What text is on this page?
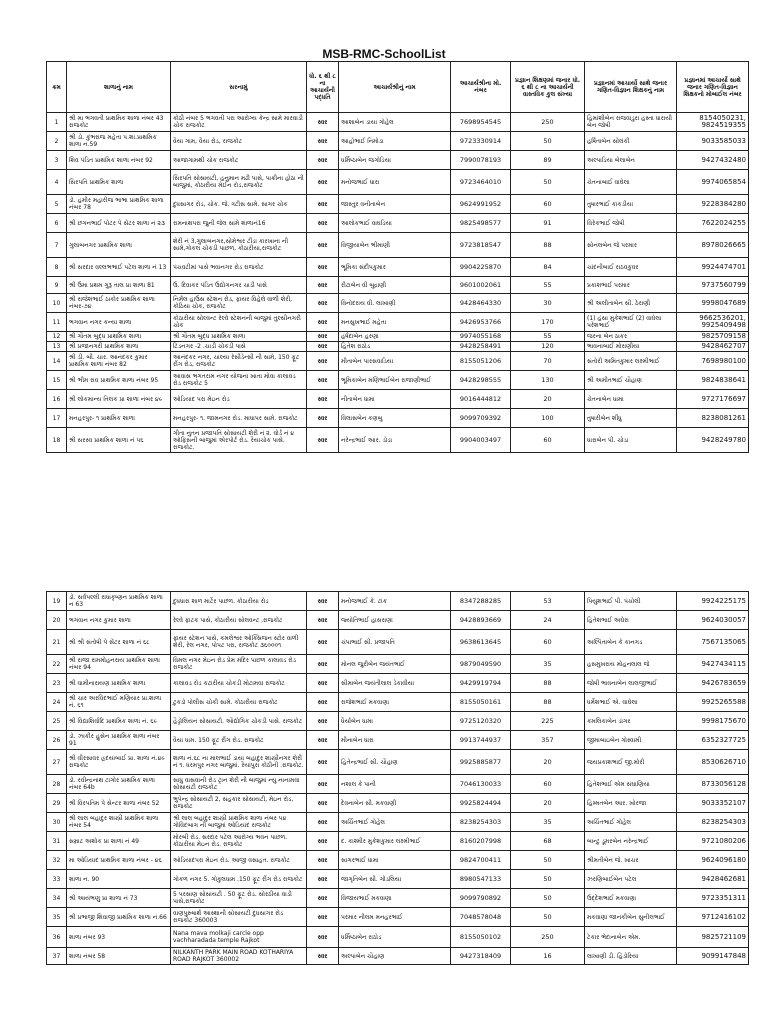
MSB-RMC-SchoolList
ક્રમ	શાળાનું નામ	સરનામું	ધો. ૬ થી ૮ ના આચાર્યની પદ્ધતિ	આચાર્યશ્રીનું નામ	આચાર્યશ્રીના મો. નંબર	પ્રજ્ઞાન શિક્ષણમાં જનાર ધો. ૬ થી ૮ ના આચાર્યની વાસ્તવિક કુલ સંખ્યા	પ્રજ્ઞાનમાં આચાર્યો સાથે જનાર ગણિત-વિજ્ઞાન શિક્ષકનું નામ	પ્રજ્ઞાનમાં આચાર્યો સાથે જનાર ગણિત-વિજ્ઞાન શિક્ષકનો મોબાઈલ નંબર
1	શ્રી મા ભગવતી પ્રાથમિક શાળા નંબર 43 રાજકોટ	કોઠી નંબર 5 ભગવતી પરા આરોગ્ય કેન્દ્ર સામે મારવાડી ચોક રાજકોટ	સ્વર	આશાબેન ડાયા ગોહેલ	7698954545	250	હિમાંશીબેન રાજવાડુરા હસ્તા ધારાયી બેન જોષી	8154050231, 9824519355
2	શ્રી ડો. કુંભરાજ મહેતા પ.શા.પ્રાથમિક શાળા ન.59	વૈયા ગામ, વૈયા રોડ, રાજકોટ	સ્વર	આહોભાઈ નિમોડા	9723330914	50	હર્ષિતાબેન સોલંકી	9033585033
3	શિવ પંડિત પ્રાથમિક શાળા નંબર 92	આજાગામથી ચોક રાજકોટ	સ્વર	ધર્મિષ્ઠાબેન જગોડિયા	7990078193	89	અલ્પાડિયા બેલાબેન	9427432480
4	સિરપતિ પ્રાથમિક શાળા	સિરપતિ સોસાયટી, હનુમાન મઢી પાસે, પાક્રીના હોઠા ની બાજુમાં, કોઠારીયા મેઈન રોડ,રાજકોટ	સ્વર	મનોજભાઈ ધારા	9723464010	50	ચેતનાબાઈ વાઘેલા	9974065854
5	ડો. હમીર મહારીજ ભાભા પ્રાથમિક શાળા નંબર 78	દુધસાગર રોડ, ચોક. જે. ત્રટીસ સામે. સાગર ચોક	સ્વર	જાસ્તુર વનીતાબેન	9624991952	60	તુષારભાઈ કાકડીયા	9228384280
6	શ્રી છગનભાઈ પોટર પે સેંટર શાળા નં ૨૩	રામનાથપરા જુની જેલ સામે શાળાનં16	સ્વર	આલોકભાઈ વાઘડિયા	9825498577	91	વિરેકભાઈ જોષી	7622024255
7	ગુલાબનગર પ્રાથમિક શાળા	શેરી નં 3,ગુલાબનગર,સોમેશ્વર ટીંડા કારખાના ની સામે,ગોકલ ચોકડી પાછળ, કોઠારીયા,રાજકોટ	સ્વર	વિજીયાબેન ભીમાણી	9723818547	88	સોનલબેન જે પરમાર	8978026665
8	શ્રી સરદાર વલ્લભભાઈ પટેલ શાળા નં 13	પંચવટીમાં પાસે ભવાનગર રોડ રાજકોટ	સ્વર	ભૂમિકા સંદીપકુમાર	9904225870	84	ચાંદનીબાઈ રાઠવકુવર	9924474701
9	શ્રી ઉમા પ્રથમ ગુરૂ તાલ પ્રા શાળા 81	ઉ. દિવાકર પંડિત ઉદ્યોગનગર ચાડી પાસે	સ્વર	રીટાબેન વી બુદ્રાણી	9601002061	55	પ્રકાશભાઈ પરમાર	9737560799
10	શ્રી રાજેશભાઈ ઠાકોર પ્રાથમિક શાળા નંબર-૭૪	નિર્મલ હાઉસ સ્ટેશન રોડ, ફાયર વિહેલે વાળી શેરી, કોઠિયા ચોક, રાજકોટ	સ્વર	વિનોદરાય વી. લાખાણી	9428464330	30	શ્રી અલીતાબેન સી. ઠેરાણી	9998047689
11	ભગવાન નગર કન્યા શાળા	કોઠારીયા સોલ્વન્ટ રેલ્વે સ્ટેશનની બાજુમાં તુલ્સીનગરી ચોક	સ્વર	મનસુખભાઈ મહેતા	9426953766	170	(1) હંસા મુકેશભાઈ (2) વાઘેલા પરેશભાઈ	9662536201, 9925409498
12	શ્રી ગૌતમ બુદ્ધ પ્રાથમિક શાળા	શ્રી ગૌતમ બુદ્ધ પ્રાથમિક શાળા	સ્વર	હર્ષદાબેન હરણા	9974055168	55	જરના બેન ઠાકર	9825709158
13	શ્રી પ્રજાનગરી પ્રાથમિક શાળા	ટિંડનગર -2 .ચાડી ચોકડી પાસે	સ્વર	હિતેશ રાઠોડ	9428258491	120	ભાવનાબાઈ મોરાણીયા	9428462707
14	શ્રી ડી. બી. ચાર. આનંદકર કુમાર પ્રાથમિક શાળા નંબર 82	આનંદકર નગર, ચાલ્યા રેસીડેન્સી ની સામે, 150 ફૂટ રીંગ રોડ, રાજકોટ	સ્વર	મીતાબેન પારસવાડિયા	8155051206	70	સંતોરી અમિતકુમાર લક્ષ્મીભાઈ	7698980100
15	શ્રી ભીમ રાવ પ્રાથમિક શાળા નંબર 95	આવાસ ભગતરામ નગર યોજના ખાતા મોવા કાલાવડ રોડ રાજકોટ 5	સ્વર	ભૂમિકાબેન મણિભાઈબેન રાજાણીભાઈ	9428298555	130	શ્રી અમીતભાઈ ચૌહાણ	9824838641
16	શ્રી લોકમાન્ય તિલક પ્રા શાળા નંબર ૪૯	ઓડિયાદ પરા મેઇન રોડ	સ્વર	નીતાબેન ધામા	9016444812	20	ચેતનાબેન ધામા	9727176697
17	મનહરપુર- ૧ પ્રાથમિક શાળા	મનહરપુર- ૧. જામનગર રોડ. માધાપર સામે. રાજકોટ	સ્વર	વિલાસબેન કણબુ	9099709392	100	તુષારીબેન શીંધુ	8238081261
18	શ્રી સરસ્વ પ્રાથમિક શાળા નં ૫૬	ગીતા નુતન પ્રજાપતિ સોસાયટી શેરી નં ૨. વોર્ડ નં ૪ ઓફિસની બાજુમાં એરપોર્ટ રોડ. રૈયાચોક પાસે. રાજકોટ.	સ્વર	નરેન્દ્રભાઈ આર. ડોડા	9904003497	60	ધારાબેન પી. ચોડા	9428249780
19	ડો. સર્વપલ્લી રાધાકૃષ્ણન પ્રાથમિક શાળા ન 63	દુધધારા શાળ માર્ટેર પાછળ. કોઠારીયા રોડ	સ્વર	મનોજભાઈ કે. ટાંક	8347288285	53	પિયુશભાઈ પી. પંચોલી	9924225175
20	ભગવાન નગર કુમાર શાળા	રેલ્વે ફાટક પાસે, કોઠારીયા સોલવન્ટ ,રાજકોટ	સ્વર	જ્યોતિભાઈ હાસરાણા	9428893669	24	હિતેશભાઈ અઘેરા	9624030057
21	શ્રી શ્રી સંતોષી પે સેંટર શાળા નં ૬૮	ફાયર સ્ટેશન પાસે, કમલેશ્વર ઓક્સિજન સ્ટોર વાળી શેરી, રેલ નગર, પોપટ પરા, રાજકોટ ૩૬૦૦૦૧	સ્વર	ચંપાભાઈ સી. પ્રજાપતિ	9638613645	60	અલ્પિતાબેન કે કાનગડ	7567135065
22	શ્રી રાજા રામમોહનરાય પ્રાથમિક શાળા નંબર 94	વિમલ નગર મેઇન રોડ પ્રેમ મંદિર પાછળ કાલાવડ રોડ રાજકોટ	સ્વર	મોનલ જુરીબેન જયંતભાઈ	9879049590	35	હસમુખરાય મોહનલાલ જે	9427434115
23	શ્રી વામીનારાયણ પ્રાથમિક શાળા	કાલાવડ રોડ કટારીયા ચોકડી મોટામવા રાજકોટ	સ્વર	સીમાબેન જયંતીલાલ ડેકાવીયા	9429919794	88	જોષી ભાવનાબેન લાલજીભાઈ	9426783659
24	શ્રી ચાર અરવિંદભાઈ મણિયાર પ્રા.શાળા નં. ૬૧	ટુકડો પોલીસ ચોકી સામે. કોઠારીયા રાજકોટ	સ્વર	રાજેશભાઈ મકવાણા	8155050161	88	ધર્મેશભાઈ એ. વાઘેલા	9925265588
25	શ્રી વિદ્યાશિર્વાદિ પ્રાથમિક શાળા નં. ૬૯	હૈડ્રોલિયન સોસાયટી. ઔદ્યોગિક ચોકડી પાસે. રાજકોટ	સ્વર	ધૈર્યાબેન ધામા	9725120320	225	કમલિકાબેન ડાંગર	9998175670
26	ડો. ઝાકીર હુસેન પ્રાથમિક શાળા નંબર 91	વૈયા ધામ. 150 ફૂટ રીંગ રોડ. રાજકોટ	સ્વર	મીનાબેન ધારા	9913744937	357	જીમાબાઇબેન ગોસ્વામી	6352327725
27	શ્રી વીરસાવર હ્રદયાબાઈ પ્રા. શાળા નં.૪૯ રાજકોટ	શાળા નં.૬૮ ના માલભાઈ ડાયા બહાદુર શાસ્ત્રીનગર શેરી નં ૧. ધરમપુર નગર બાજુમાં. રૈયાપુરા કોઠીની .રાજકોટ.	સ્વર	હિતેન્દ્રભાઈ સી. ચૌહાણ	9925885877	20	જયપ્રકાશભાઈ જી.મોરી	8530626710
28	ડો. રવીન્દ્રનાથ ટાગોર પ્રાથમિક શાળા નંબર 64b	સાધુ વાસવાની રોડ ટ્રાન શેરી ની બાજુમાં ન્યુ નાનામવા સોસાયટી રાજકોટ	સ્વર	નશાલ કે પાની	7046130033	60	હિતેશભાઈ એમ સંઘાણિયા	8733056128
29	શ્રી વિરપતિમ પે સેન્ટર શાળા નંબર 52	ભુપેન્દ્ર સોસાયટી 2, સહકાર સોસાયટી, મેઇન રોડ, રાજકોટ	સ્વર	દેવનાબેન સી. મકવાણી	9925824494	20	હિમ્મતબેન આર. ખોરજા	9033352107
30	શ્રી લાલ બહાદુર શાસ્ત્રી પ્રાથમિક શાળા નંબર 54	શ્રી લાલ બહાદુર શાસ્ત્રી પ્રાથમિક શાળા નંબર ૫૪ ગોવિંદબાગ ની બાજુમાં ઓડિયાદ રાજકોટ	સ્વર	અર્ચિતભાઈ ગોહેલ	8238254303	35	અર્ચિતભાઈ ગોહેલ	8238254303
31	સમ્રાટ અશોક પ્રા શાળા નં 49	મોરબી રોડ. સરદાર પટેલ આરોગ્ય ભવન પાછળ. કોઠારીયા મેઇન રોડ. રાજકોટ	સ્વર	દ. કાશ્મીર મુકેશકુમાર લક્ષ્મીભાઈ	8160207998	68	બાન્ટુ ડૂમરબેન નરેન્દ્રભાઈ	9721080206
32	મા ઓડિયાદ પ્રાથમિક શાળા નંબર - ૪૬	ઓડિયાદપરા મેઇન રોડ. આજી વસાહત. રાજકોટ	સ્વર	સાગરભાઈ ધામા	9824700411	50	શ્રીમતીબેન જે. ખાચર	9624096180
33	શાળા ન. 90	ગોકળ નગર 5. ગોકુલધામ .150 ફૂટ રીંગ રોડ રાજકોટ	સ્વર	જાગૃતિબેન સી. ગોંડલિયા	8980547133	50	ઝરણિબાઈબેન પટેલ	9428462681
34	શ્રી આયંભણુ પ્રા શાળા નં 73	5 પરસાણ સોસાયટી . 50 ફૂટ રોડ. સોરઠીયા વાડી પાસે,રાજકોટ	સ્વર	વિજાયભાઈ મકવાણા	9099790892	50	ઉદ્દેશભાઈ મકવાણા	9723351311
35	શ્રી પ્રભાજી શિવાજી પ્રાથમિક શાળા નં.66	વાણપુરુષાર્થ આસ્થાની સોસાયટી દુધસાગર રોડ રાજકોટ 360003	સ્વર	પરમાર નીલમ મનહરભાઈ	7048578048	50	મકવાણા જાનકીબેન સુનીલભાઈ	9712416102
36	શાળા નંબર 93	Nana mava molkaji carcle opp vachharadada temple Rajkot	સ્વર	ધર્મિષ્ઠાબેન રાઠોડ	8155050102	250	ટેકાર ભેદાનાબેન એમ.	9825721109
37	શાળા નંબર 58	NILKANTH PARK MAIN ROAD KOTHARIYA ROAD RAJKOT 360002	સ્વર	અલ્પાબેન ચૌહાણ	9427318409	16	લાખાણી ડી. હિંડોરિયા	9099147848
